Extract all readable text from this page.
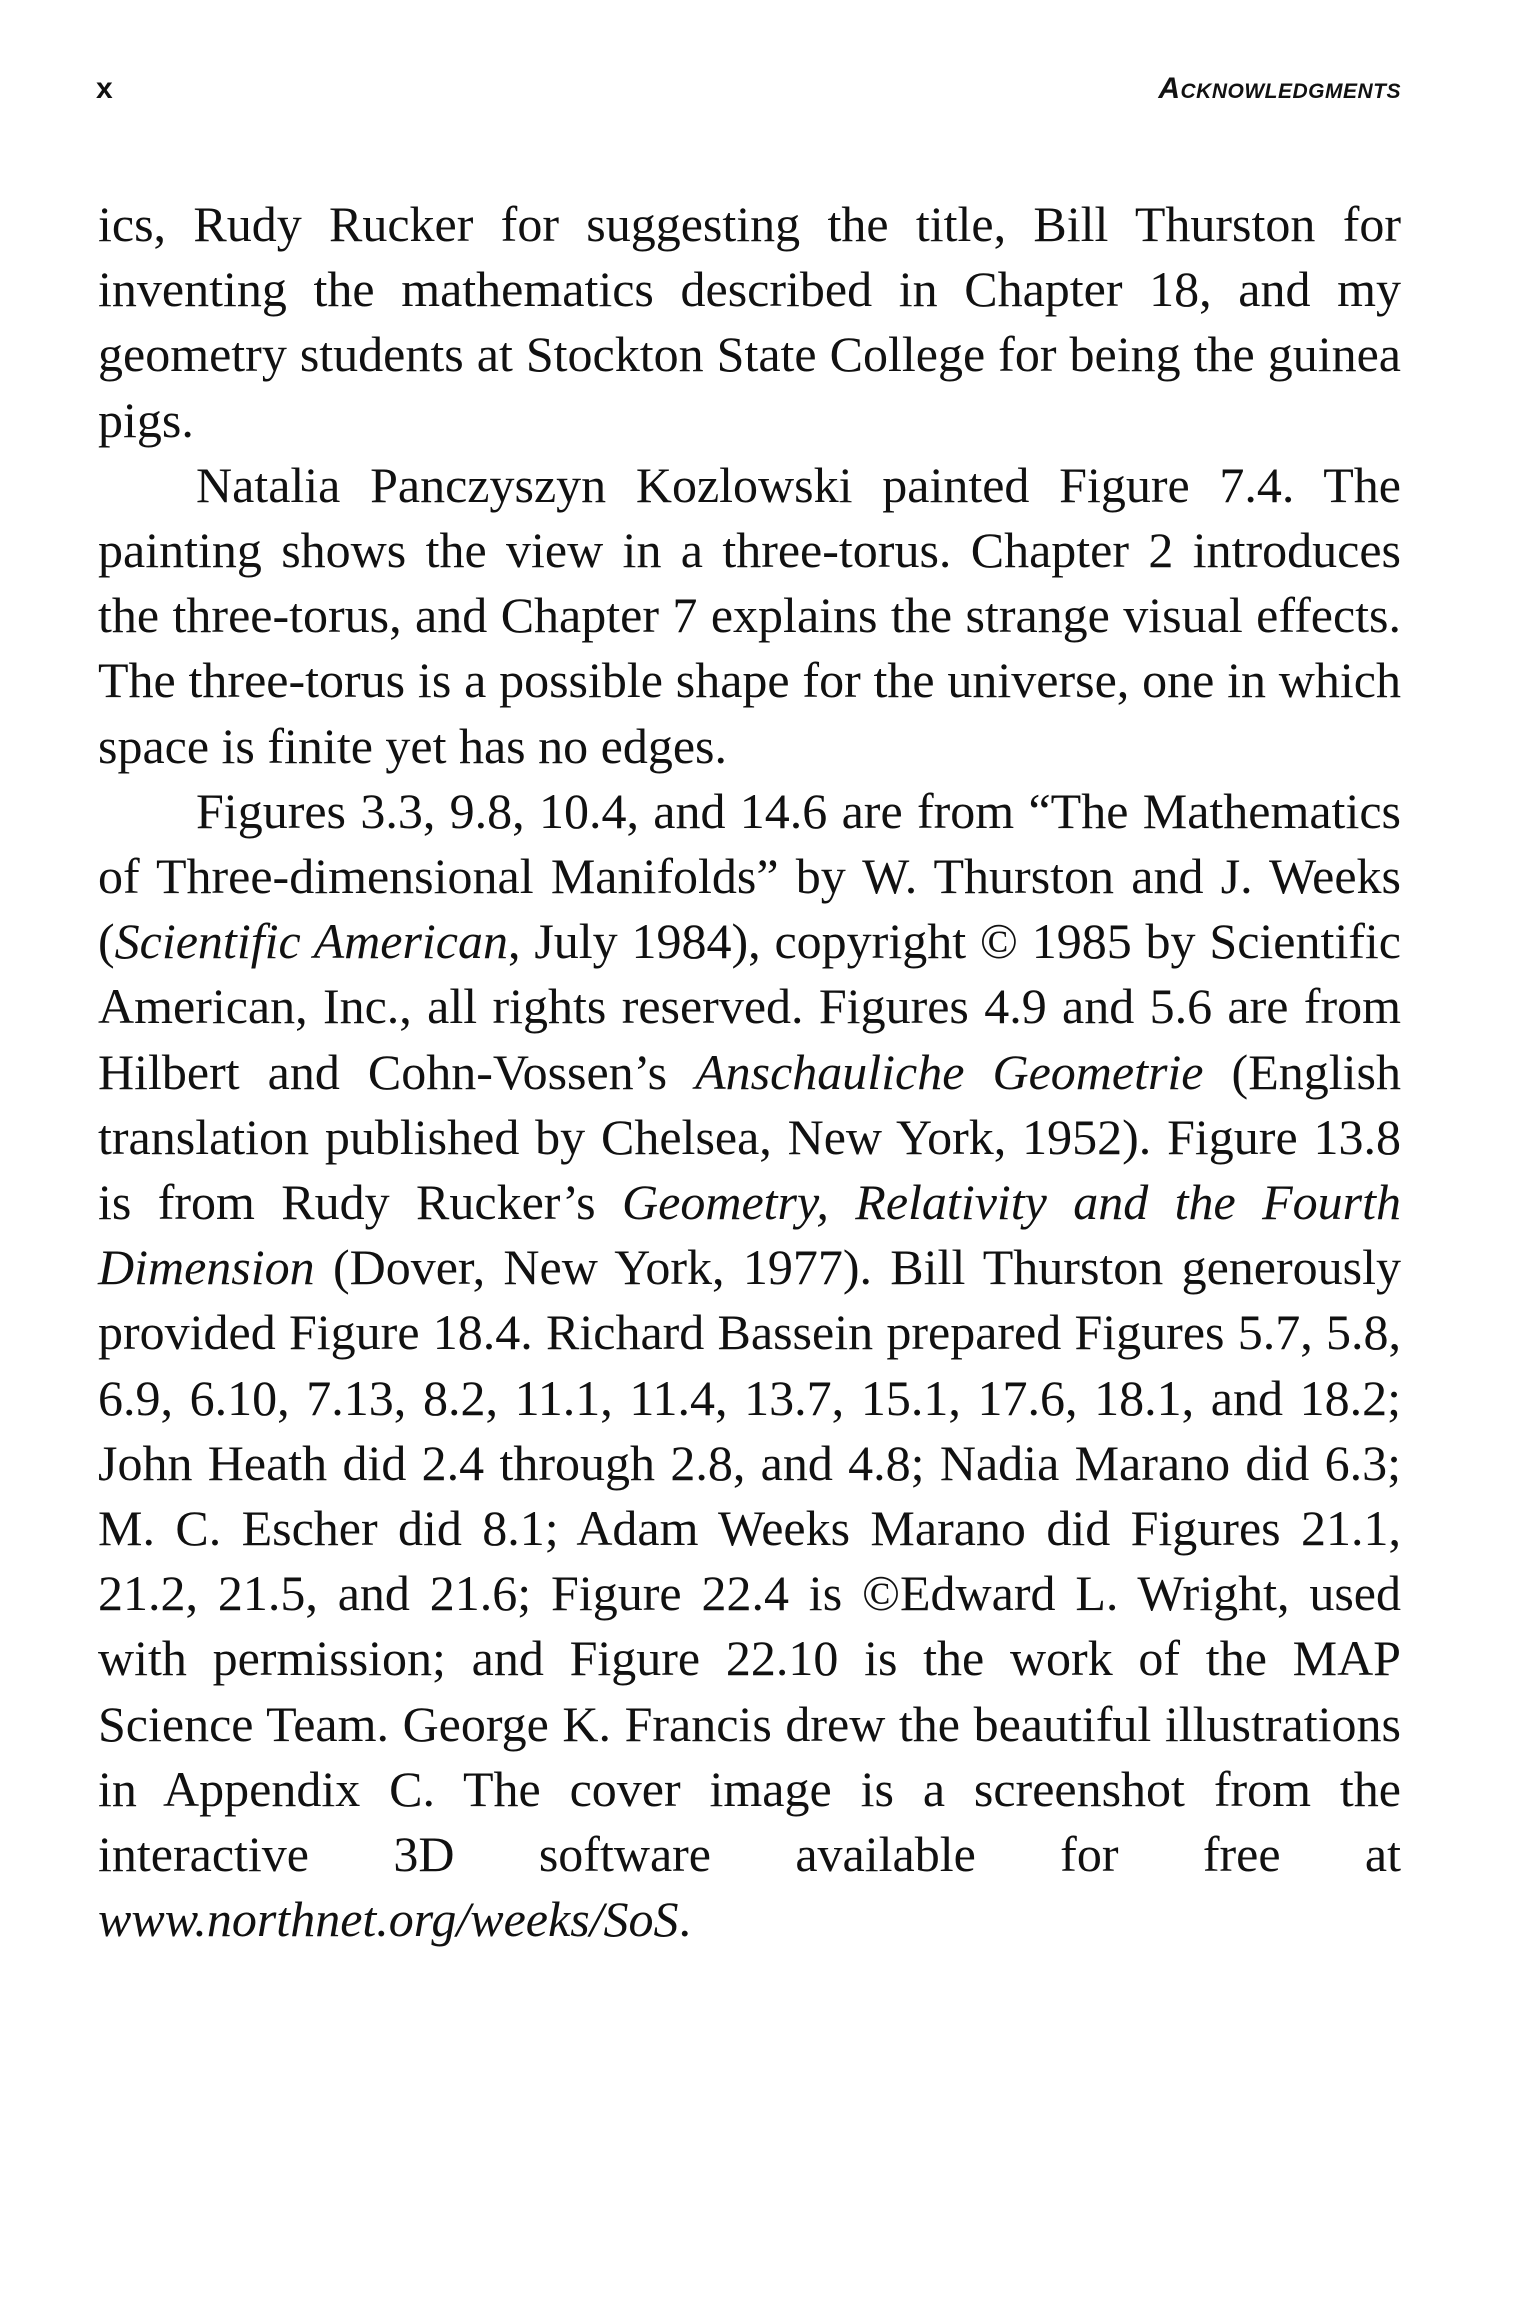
x	Acknowledgments

ics, Rudy Rucker for suggesting the title, Bill Thurston for inventing the mathematics described in Chapter 18, and my geometry students at Stockton State College for being the guinea pigs.

Natalia Panczyszyn Kozlowski painted Figure 7.4. The painting shows the view in a three-torus. Chapter 2 introduces the three-torus, and Chapter 7 explains the strange visual effects. The three-torus is a possible shape for the universe, one in which space is finite yet has no edges.

Figures 3.3, 9.8, 10.4, and 14.6 are from “The Mathematics of Three-dimensional Manifolds” by W. Thurston and J. Weeks (Scientific American, July 1984), copyright © 1985 by Scientific American, Inc., all rights reserved. Figures 4.9 and 5.6 are from Hilbert and Cohn-Vossen’s Anschauliche Geometrie (English translation published by Chelsea, New York, 1952). Figure 13.8 is from Rudy Rucker’s Geometry, Relativity and the Fourth Dimension (Dover, New York, 1977). Bill Thurston generously provided Figure 18.4. Richard Bassein prepared Figures 5.7, 5.8, 6.9, 6.10, 7.13, 8.2, 11.1, 11.4, 13.7, 15.1, 17.6, 18.1, and 18.2; John Heath did 2.4 through 2.8, and 4.8; Nadia Marano did 6.3; M. C. Escher did 8.1; Adam Weeks Marano did Figures 21.1, 21.2, 21.5, and 21.6; Figure 22.4 is ©Edward L. Wright, used with permission; and Figure 22.10 is the work of the MAP Science Team. George K. Francis drew the beautiful illustrations in Appendix C. The cover image is a screenshot from the interactive 3D software available for free at www.northnet.org/weeks/SoS.
